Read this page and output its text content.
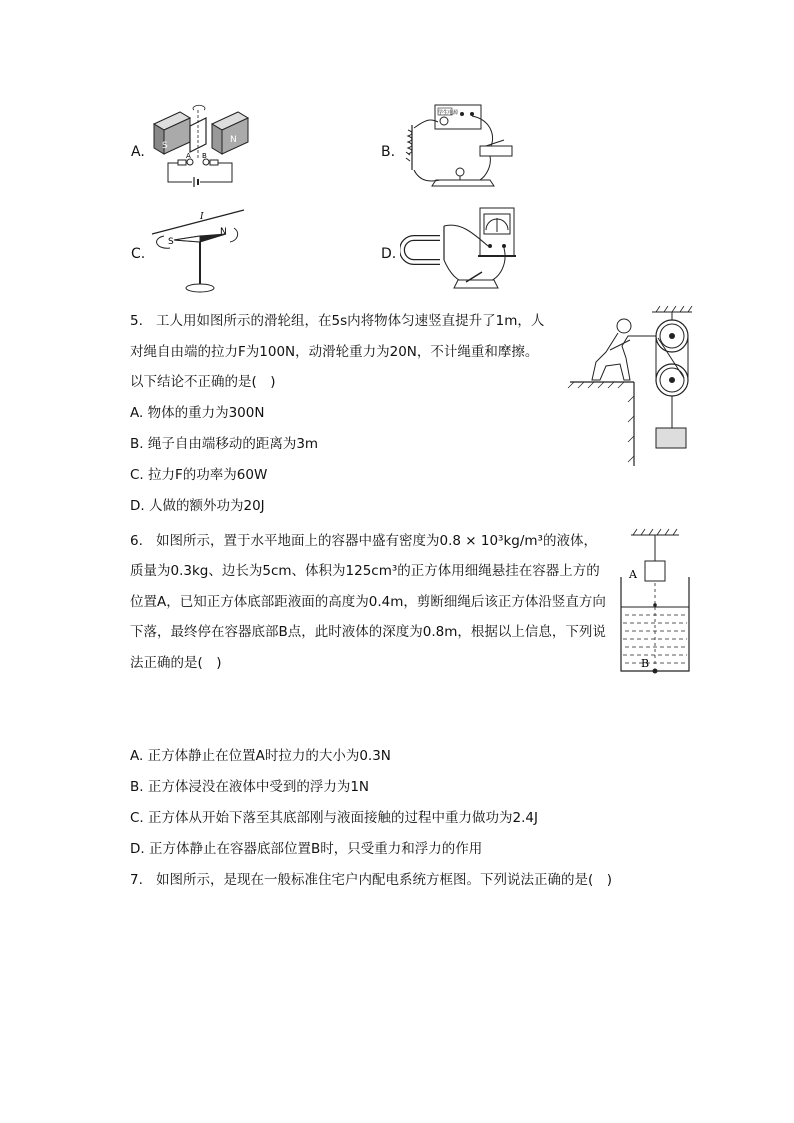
A. S
N
A B	B.
学生电源
C.
I
S
N
D.
5. 工人用如图所示的滑轮组，在5s内将物体匀速竖直提升了1m，人
对绳自由端的拉力F为100N，动滑轮重力为20N，不计绳重和摩擦。
以下结论不正确的是(　)
A. 物体的重力为300N
B. 绳子自由端移动的距离为3m
C. 拉力F的功率为60W
D. 人做的额外功为20J
6. 如图所示，置于水平地面上的容器中盛有密度为0.8 × 10³kg/m³的液体，
质量为0.3kg、边长为5cm、体积为125cm³的正方体用细绳悬挂在容器上方的
位置A，已知正方体底部距液面的高度为0.4m，剪断细绳后该正方体沿竖直方向
下落，最终停在容器底部B点，此时液体的深度为0.8m，根据以上信息，下列说
法正确的是(　)
A
B
A. 正方体静止在位置A时拉力的大小为0.3N
B. 正方体浸没在液体中受到的浮力为1N
C. 正方体从开始下落至其底部刚与液面接触的过程中重力做功为2.4J
D. 正方体静止在容器底部位置B时，只受重力和浮力的作用
7. 如图所示，是现在一般标准住宅户内配电系统方框图。下列说法正确的是(　)
